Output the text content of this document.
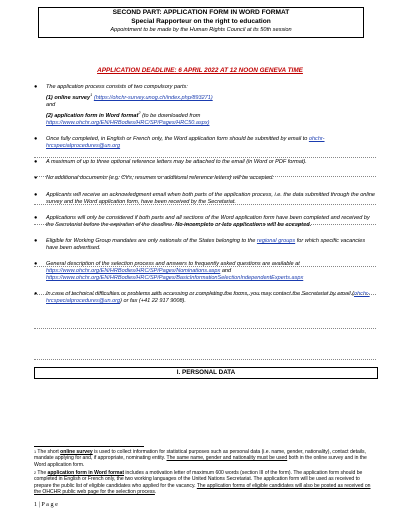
SECOND PART: APPLICATION FORM IN WORD FORMAT
Special Rapporteur on the right to education
Appointment to be made by the Human Rights Council at its 50th session
APPLICATION DEADLINE: 6 APRIL 2022 AT 12 NOON GENEVA TIME
● The application process consists of two compulsory parts:
(1) online survey$^1$ (https://ohchr-survey.unog.ch/index.php/893271)
and
(2) application form in Word format$^2$ (to be downloaded from
https://www.ohchr.org/EN/HRBodies/HRC/SP/Pages/HRC50.aspx)
● Once fully completed, in English or French only, the Word application form should be submitted by email to ohchr-hrcspecialprocedures@un.org
● A maximum of up to three optional reference letters may be attached to the email (in Word or PDF format).
● No additional documents (e.g. CVs, resumes or additional reference letters) will be accepted.
● Applicants will receive an acknowledgment email when both parts of the application process, i.e. the data submitted through the online survey and the Word application form, have been received by the Secretariat.
● Applications will only be considered if both parts and all sections of the Word application form have been completed and received by the Secretariat before the expiration of the deadline. No incomplete or late applications will be accepted.
● Eligible for Working Group mandates are only nationals of the States belonging to the regional groups for which specific vacancies have been advertised.
● General description of the selection process and answers to frequently asked questions are available at https://www.ohchr.org/EN/HRBodies/HRC/SP/Pages/Nominations.aspx and https://www.ohchr.org/EN/HRBodies/HRC/SP/Pages/BasicInformationSelectionIndependentExperts.aspx
● In case of technical difficulties or problems with accessing or completing the forms, you may contact the Secretariat by email (ohchr-hrcspecialprocedures@un.org) or fax (+41 22 917 9008).
I. PERSONAL DATA
$^1$ The short online survey is used to collect information for statistical purposes such as personal data (i.e. name, gender, nationality), contact details, mandate applying for and, if appropriate, nominating entity. The same name, gender and nationality must be used both in the online survey and in the Word application form.
$^2$ The application form in Word format includes a motivation letter of maximum 600 words (section III of the form). The application form should be completed in English or French only, the two working languages of the United Nations Secretariat. The application form will be used as received to prepare the public list of eligible candidates who applied for the vacancy. The application forms of eligible candidates will also be posted as received on the OHCHR public web page for the selection process.
1 | P a g e
